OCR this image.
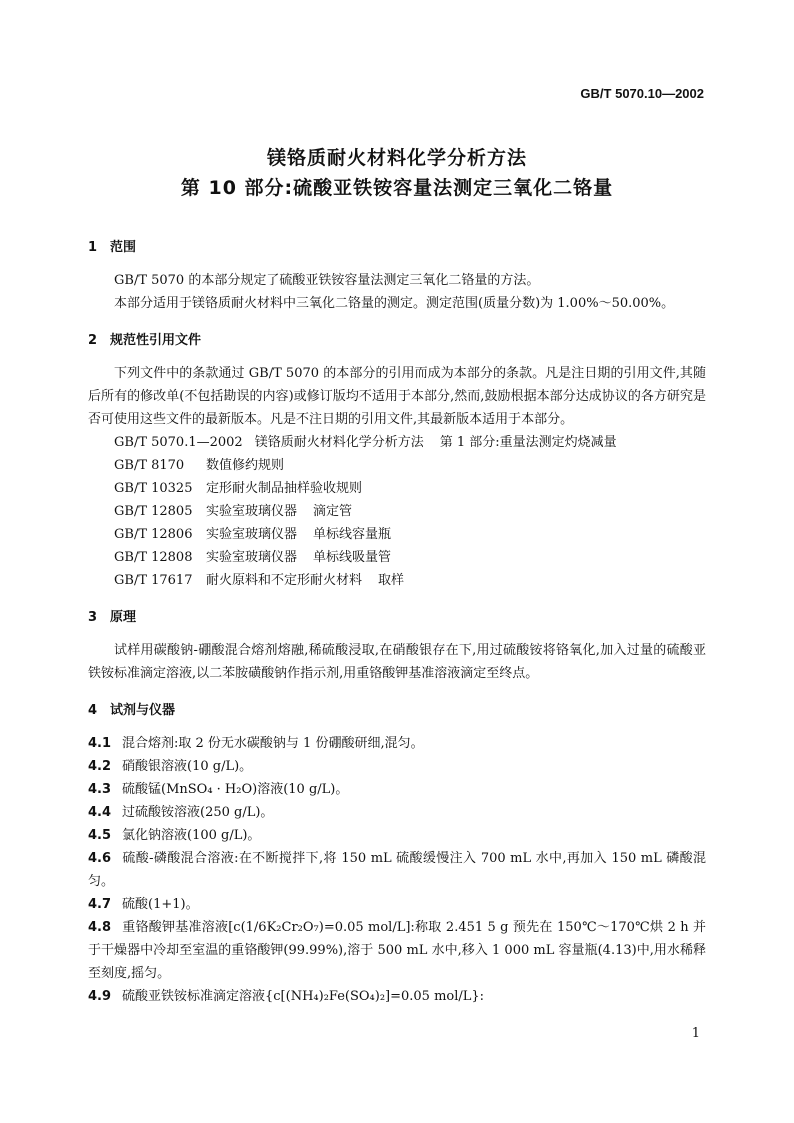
GB/T 5070.10—2002
镁铬质耐火材料化学分析方法
第 10 部分:硫酸亚铁铵容量法测定三氧化二铬量
1 范围

GB/T 5070 的本部分规定了硫酸亚铁铵容量法测定三氧化二铬量的方法。

本部分适用于镁铬质耐火材料中三氧化二铬量的测定。测定范围(质量分数)为 1.00%～50.00%。

2 规范性引用文件

下列文件中的条款通过 GB/T 5070 的本部分的引用而成为本部分的条款。凡是注日期的引用文件,其随后所有的修改单(不包括勘误的内容)或修订版均不适用于本部分,然而,鼓励根据本部分达成协议的各方研究是否可使用这些文件的最新版本。凡是不注日期的引用文件,其最新版本适用于本部分。

GB/T 5070.1—2002 镁铬质耐火材料化学分析方法 第 1 部分:重量法测定灼烧减量

GB/T 8170 数值修约规则

GB/T 10325 定形耐火制品抽样验收规则

GB/T 12805 实验室玻璃仪器 滴定管

GB/T 12806 实验室玻璃仪器 单标线容量瓶

GB/T 12808 实验室玻璃仪器 单标线吸量管

GB/T 17617 耐火原料和不定形耐火材料 取样

3 原理

试样用碳酸钠-硼酸混合熔剂熔融,稀硫酸浸取,在硝酸银存在下,用过硫酸铵将铬氧化,加入过量的硫酸亚铁铵标准滴定溶液,以二苯胺磺酸钠作指示剂,用重铬酸钾基准溶液滴定至终点。

4 试剂与仪器

4.1 混合熔剂:取 2 份无水碳酸钠与 1 份硼酸研细,混匀。

4.2 硝酸银溶液(10 g/L)。

4.3 硫酸锰(MnSO₄ · H₂O)溶液(10 g/L)。

4.4 过硫酸铵溶液(250 g/L)。

4.5 氯化钠溶液(100 g/L)。

4.6 硫酸-磷酸混合溶液:在不断搅拌下,将 150 mL 硫酸缓慢注入 700 mL 水中,再加入 150 mL 磷酸混匀。

4.7 硫酸(1+1)。

4.8 重铬酸钾基准溶液[c(1/6K₂Cr₂O₇)=0.05 mol/L]:称取 2.451 5 g 预先在 150℃～170℃烘 2 h 并于干燥器中冷却至室温的重铬酸钾(99.99%),溶于 500 mL 水中,移入 1 000 mL 容量瓶(4.13)中,用水稀释至刻度,摇匀。

4.9 硫酸亚铁铵标准滴定溶液{c[(NH₄)₂Fe(SO₄)₂]=0.05 mol/L}:

1
